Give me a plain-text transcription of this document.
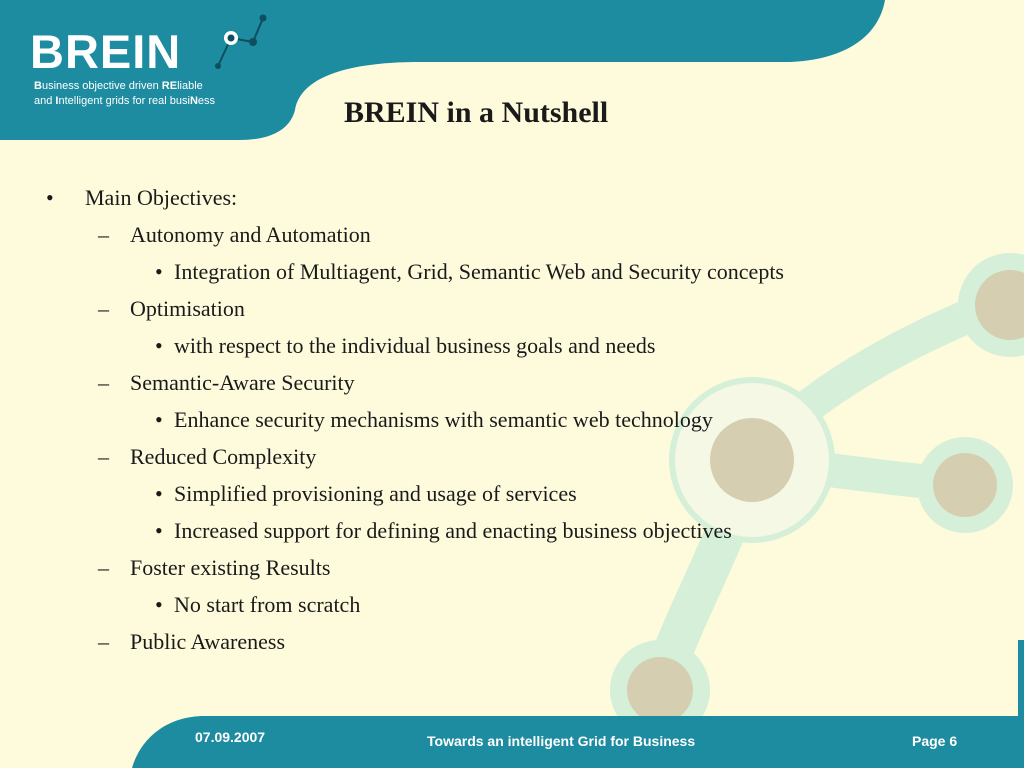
BREIN
Business objective driven REliable
and Intelligent grids for real busiNess	BREIN in a Nutshell
• Main Objectives:
– Autonomy and Automation
• Integration of Multiagent, Grid, Semantic Web and Security concepts
– Optimisation
• with respect to the individual business goals and needs
– Semantic-Aware Security
• Enhance security mechanisms with semantic web technology
– Reduced Complexity
• Simplified provisioning and usage of services
• Increased support for defining and enacting business objectives
– Foster existing Results
• No start from scratch
– Public Awareness
07.09.2007	Towards an intelligent Grid for Business	Page 6
